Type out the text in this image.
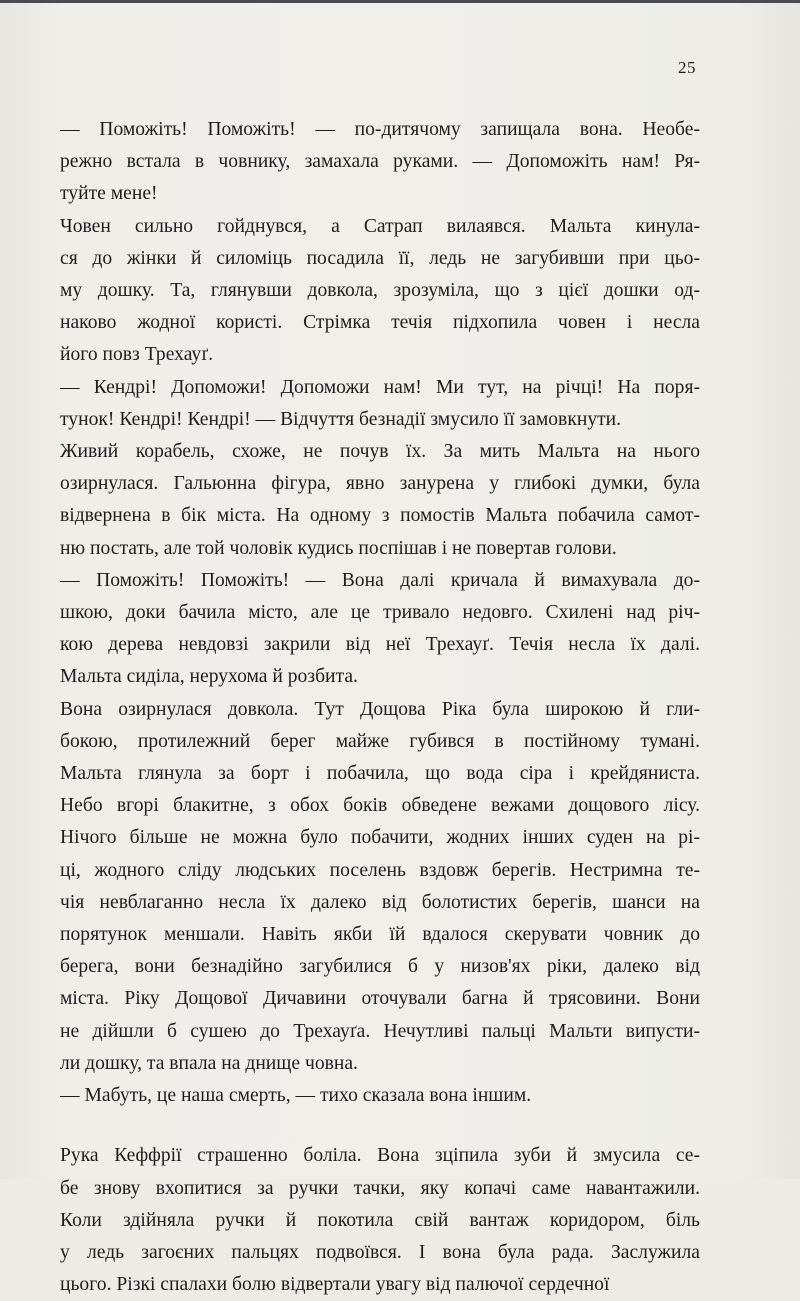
25
— Поможіть! Поможіть! — по-дитячому запищала вона. Необе-
режно встала в човнику, замахала руками. — Допоможіть нам! Ря-
туйте мене!
Човен сильно гойднувся, а Сатрап вилаявся. Мальта кинула-
ся до жінки й силоміць посадила її, ледь не загубивши при цьо-
му дошку. Та, глянувши довкола, зрозуміла, що з цієї дошки од-
наково жодної користі. Стрімка течія підхопила човен і несла
його повз Трехауґ.
— Кендрі! Допоможи! Допоможи нам! Ми тут, на річці! На поря-
тунок! Кендрі! Кендрі! — Відчуття безнадії змусило її замовкнути.
Живий корабель, схоже, не почув їх. За мить Мальта на нього
озирнулася. Гальюнна фігура, явно занурена у глибокі думки, була
відвернена в бік міста. На одному з помостів Мальта побачила самот-
ню постать, але той чоловік кудись поспішав і не повертав голови.
— Поможіть! Поможіть! — Вона далі кричала й вимахувала до-
шкою, доки бачила місто, але це тривало недовго. Схилені над річ-
кою дерева невдовзі закрили від неї Трехауґ. Течія несла їх далі.
Мальта сиділа, нерухома й розбита.
Вона озирнулася довкола. Тут Дощова Ріка була широкою й гли-
бокою, протилежний берег майже губився в постійному тумані.
Мальта глянула за борт і побачила, що вода сіра і крейдяниста.
Небо вгорі блакитне, з обох боків обведене вежами дощового лісу.
Нічого більше не можна було побачити, жодних інших суден на рі-
ці, жодного сліду людських поселень вздовж берегів. Нестримна те-
чія невблаганно несла їх далеко від болотистих берегів, шанси на
порятунок меншали. Навіть якби їй вдалося скерувати човник до
берега, вони безнадійно загубилися б у низов'ях ріки, далеко від
міста. Ріку Дощової Дичавини оточували багна й трясовини. Вони
не дійшли б сушею до Трехауґа. Нечутливі пальці Мальти випусти-
ли дошку, та впала на днище човна.
— Мабуть, це наша смерть, — тихо сказала вона іншим.
Рука Кеффрії страшенно боліла. Вона зціпила зуби й змусила се-
бе знову вхопитися за ручки тачки, яку копачі саме навантажили.
Коли здійняла ручки й покотила свій вантаж коридором, біль
у ледь загоєних пальцях подвоївся. І вона була рада. Заслужила
цього. Різкі спалахи болю відвертали увагу від палючої сердечної
